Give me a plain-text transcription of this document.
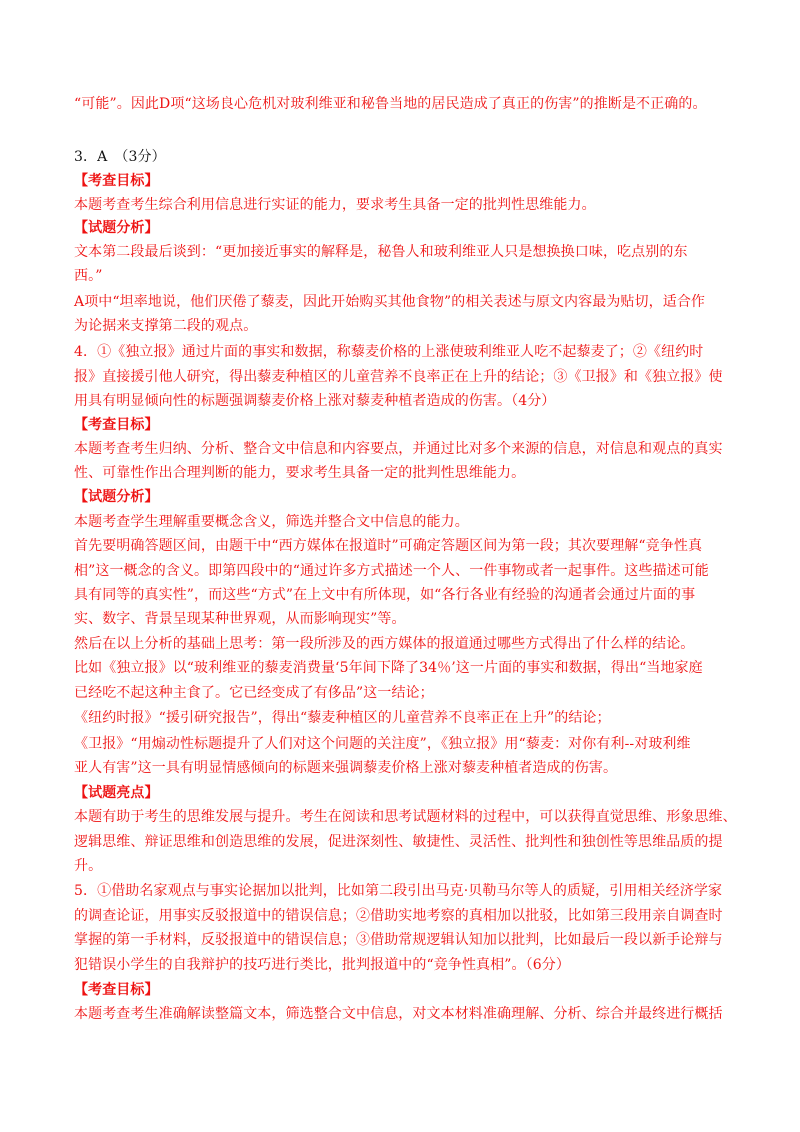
“可能”。因此D项“这场良心危机对玻利维亚和秘鲁当地的居民造成了真正的伤害”的推断是不正确的。
3．A　（3分）
【考查目标】
本题考查考生综合利用信息进行实证的能力，要求考生具备一定的批判性思维能力。
【试题分析】
文本第二段最后谈到：“更加接近事实的解释是，秘鲁人和玻利维亚人只是想换换口味，吃点别的东
西。”
A项中“坦率地说，他们厌倦了藜麦，因此开始购买其他食物”的相关表述与原文内容最为贴切，适合作
为论据来支撑第二段的观点。
4．①《独立报》通过片面的事实和数据，称藜麦价格的上涨使玻利维亚人吃不起藜麦了；②《纽约时
报》直接援引他人研究，得出藜麦种植区的儿童营养不良率正在上升的结论；③《卫报》和《独立报》使
用具有明显倾向性的标题强调藜麦价格上涨对藜麦种植者造成的伤害。（4分）
【考查目标】
本题考查考生归纳、分析、整合文中信息和内容要点，并通过比对多个来源的信息，对信息和观点的真实
性、可靠性作出合理判断的能力，要求考生具备一定的批判性思维能力。
【试题分析】
本题考查学生理解重要概念含义，筛选并整合文中信息的能力。
首先要明确答题区间，由题干中“西方媒体在报道时”可确定答题区间为第一段；其次要理解“竞争性真
相”这一概念的含义。即第四段中的“通过许多方式描述一个人、一件事物或者一起事件。这些描述可能
具有同等的真实性”，而这些“方式”在上文中有所体现，如“各行各业有经验的沟通者会通过片面的事
实、数字、背景呈现某种世界观，从而影响现实”等。
然后在以上分析的基础上思考：第一段所涉及的西方媒体的报道通过哪些方式得出了什么样的结论。
比如《独立报》以“玻利维亚的藜麦消费量‘5年间下降了34％’这一片面的事实和数据，得出“当地家庭
已经吃不起这种主食了。它已经变成了有侈品”这一结论；
《纽约时报》“援引研究报告”，得出“藜麦种植区的儿童营养不良率正在上升”的结论；
《卫报》“用煽动性标题提升了人们对这个问题的关注度”，《独立报》用“藜麦：对你有利--对玻利维
亚人有害”这一具有明显情感倾向的标题来强调藜麦价格上涨对藜麦种植者造成的伤害。
【试题亮点】
本题有助于考生的思维发展与提升。考生在阅读和思考试题材料的过程中，可以获得直觉思维、形象思维、
逻辑思维、辩证思维和创造思维的发展，促进深刻性、敏捷性、灵活性、批判性和独创性等思维品质的提
升。
5．①借助名家观点与事实论据加以批判，比如第二段引出马克·贝勒马尔等人的质疑，引用相关经济学家
的调查论证，用事实反驳报道中的错误信息；②借助实地考察的真相加以批驳，比如第三段用亲自调查时
掌握的第一手材料，反驳报道中的错误信息；③借助常规逻辑认知加以批判，比如最后一段以新手论辩与
犯错误小学生的自我辩护的技巧进行类比，批判报道中的“竞争性真相”。（6分）
【考查目标】
本题考查考生准确解读整篇文本，筛选整合文中信息，对文本材料准确理解、分析、综合并最终进行概括
